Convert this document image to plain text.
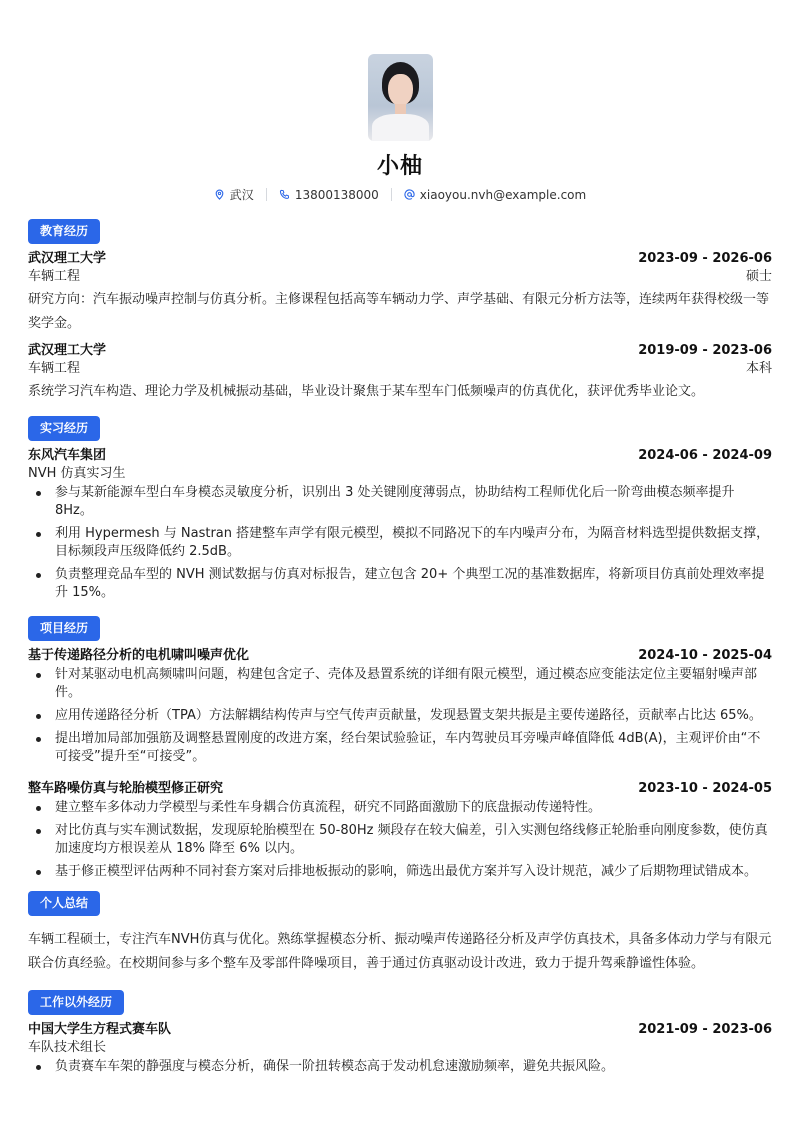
小柚
武汉	13800138000	xiaoyou.nvh@example.com
教育经历
武汉理工大学	2023-09 - 2026-06
车辆工程	硕士
研究方向：汽车振动噪声控制与仿真分析。主修课程包括高等车辆动力学、声学基础、有限元分析方法等，连续两年获得校级一等奖学金。
武汉理工大学	2019-09 - 2023-06
车辆工程	本科
系统学习汽车构造、理论力学及机械振动基础，毕业设计聚焦于某车型车门低频噪声的仿真优化，获评优秀毕业论文。
实习经历
东风汽车集团	2024-06 - 2024-09
NVH 仿真实习生
参与某新能源车型白车身模态灵敏度分析，识别出 3 处关键刚度薄弱点，协助结构工程师优化后一阶弯曲模态频率提升 8Hz。
利用 Hypermesh 与 Nastran 搭建整车声学有限元模型，模拟不同路况下的车内噪声分布，为隔音材料选型提供数据支撑，目标频段声压级降低约 2.5dB。
负责整理竞品车型的 NVH 测试数据与仿真对标报告，建立包含 20+ 个典型工况的基准数据库，将新项目仿真前处理效率提升 15%。
项目经历
基于传递路径分析的电机啸叫噪声优化	2024-10 - 2025-04
针对某驱动电机高频啸叫问题，构建包含定子、壳体及悬置系统的详细有限元模型，通过模态应变能法定位主要辐射噪声部件。
应用传递路径分析（TPA）方法解耦结构传声与空气传声贡献量，发现悬置支架共振是主要传递路径，贡献率占比达 65%。
提出增加局部加强筋及调整悬置刚度的改进方案，经台架试验验证，车内驾驶员耳旁噪声峰值降低 4dB(A)，主观评价由“不可接受”提升至“可接受”。
整车路噪仿真与轮胎模型修正研究	2023-10 - 2024-05
建立整车多体动力学模型与柔性车身耦合仿真流程，研究不同路面激励下的底盘振动传递特性。
对比仿真与实车测试数据，发现原轮胎模型在 50-80Hz 频段存在较大偏差，引入实测包络线修正轮胎垂向刚度参数，使仿真加速度均方根误差从 18% 降至 6% 以内。
基于修正模型评估两种不同衬套方案对后排地板振动的影响，筛选出最优方案并写入设计规范，减少了后期物理试错成本。
个人总结
车辆工程硕士，专注汽车NVH仿真与优化。熟练掌握模态分析、振动噪声传递路径分析及声学仿真技术，具备多体动力学与有限元联合仿真经验。在校期间参与多个整车及零部件降噪项目，善于通过仿真驱动设计改进，致力于提升驾乘静谧性体验。
工作以外经历
中国大学生方程式赛车队	2021-09 - 2023-06
车队技术组长
负责赛车车架的静强度与模态分析，确保一阶扭转模态高于发动机怠速激励频率，避免共振风险。
